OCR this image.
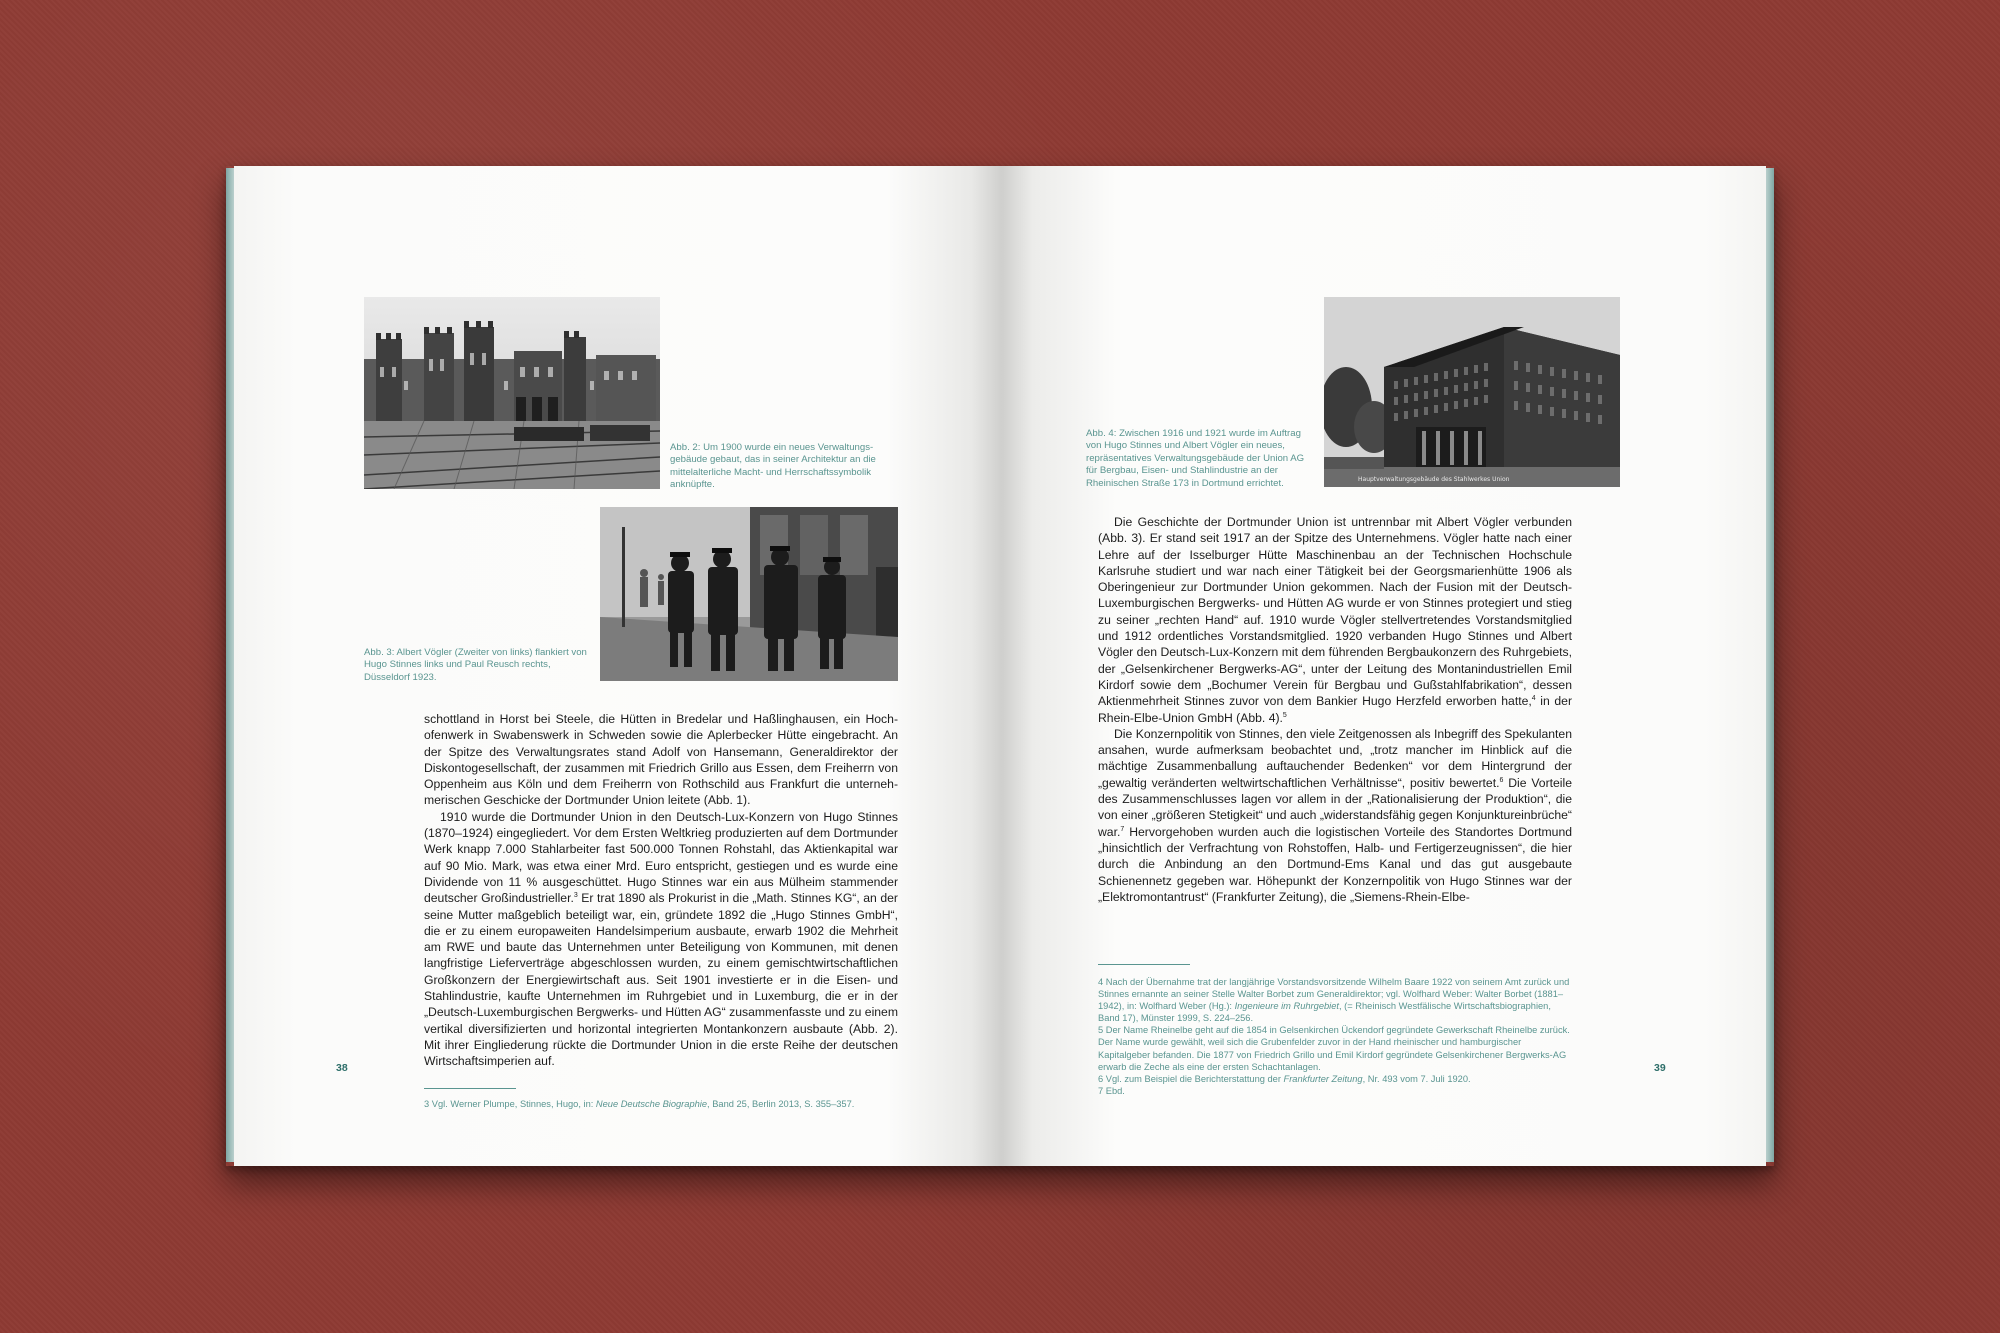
Abb. 2: Um 1900 wurde ein neues Verwaltungsgebäude gebaut, das in seiner Architektur an die mittelalterliche Macht- und Herrschaftssymbolik anknüpfte.
Abb. 3: Albert Vögler (Zweiter von links) flankiert von Hugo Stinnes links und Paul Reusch rechts, Düsseldorf 1923.

schottland in Horst bei Steele, die Hütten in Bredelar und Haßlinghausen, ein Hochofenwerk in Swabenswerk in Schweden sowie die Aplerbecker Hütte eingebracht. An der Spitze des Verwaltungsrates stand Adolf von Hansemann, Generaldirektor der Diskontogesellschaft, der zusammen mit Friedrich Grillo aus Essen, dem Freiherrn von Oppenheim aus Köln und dem Freiherrn von Rothschild aus Frankfurt die unternehmerischen Geschicke der Dortmunder Union leitete (Abb. 1).

1910 wurde die Dortmunder Union in den Deutsch-Lux-Konzern von Hugo Stinnes (1870–1924) eingegliedert. Vor dem Ersten Weltkrieg produzierten auf dem Dortmunder Werk knapp 7.000 Stahlarbeiter fast 500.000 Tonnen Rohstahl, das Aktienkapital war auf 90 Mio. Mark, was etwa einer Mrd. Euro entspricht, gestiegen und es wurde eine Dividende von 11 % ausgeschüttet. Hugo Stinnes war ein aus Mülheim stammender deutscher Großindustrieller.$^3$ Er trat 1890 als Prokurist in die „Math. Stinnes KG“, an der seine Mutter maßgeblich beteiligt war, ein, gründete 1892 die „Hugo Stinnes GmbH“, die er zu einem europaweiten Handelsimperium ausbaute, erwarb 1902 die Mehrheit am RWE und baute das Unternehmen unter Beteiligung von Kommunen, mit denen langfristige Lieferverträge abgeschlossen wurden, zu einem gemischtwirtschaftlichen Großkonzern der Energiewirtschaft aus. Seit 1901 investierte er in die Eisen- und Stahlindustrie, kaufte Unternehmen im Ruhrgebiet und in Luxemburg, die er in der „Deutsch-Luxemburgischen Bergwerks- und Hütten AG“ zusammenfasste und zu einem vertikal diversifizierten und horizontal integrierten Montankonzern ausbaute (Abb. 2). Mit ihrer Eingliederung rückte die Dortmunder Union in die erste Reihe der deutschen Wirtschaftsimperien auf.

38

3 Vgl. Werner Plumpe, Stinnes, Hugo, in: Neue Deutsche Biographie, Band 25, Berlin 2013, S. 355–357.

Abb. 4: Zwischen 1916 und 1921 wurde im Auftrag von Hugo Stinnes und Albert Vögler ein neues, repräsentatives Verwaltungsgebäude der Union AG für Bergbau, Eisen- und Stahlindustrie an der Rheinischen Straße 173 in Dortmund errichtet.	Hauptverwaltungsgebäude des Stahlwerkes Union

Die Geschichte der Dortmunder Union ist untrennbar mit Albert Vögler verbunden (Abb. 3). Er stand seit 1917 an der Spitze des Unternehmens. Vögler hatte nach einer Lehre auf der Isselburger Hütte Maschinenbau an der Technischen Hochschule Karlsruhe studiert und war nach einer Tätigkeit bei der Georgsmarienhütte 1906 als Oberingenieur zur Dortmunder Union gekommen. Nach der Fusion mit der Deutsch-Luxemburgischen Bergwerks- und Hütten AG wurde er von Stinnes protegiert und stieg zu seiner „rechten Hand“ auf. 1910 wurde Vögler stellvertretendes Vorstandsmitglied und 1912 ordentliches Vorstandsmitglied. 1920 verbanden Hugo Stinnes und Albert Vögler den Deutsch-Lux-Konzern mit dem führenden Bergbaukonzern des Ruhrgebiets, der „Gelsenkirchener Bergwerks-AG“, unter der Leitung des Montanindustriellen Emil Kirdorf sowie dem „Bochumer Verein für Bergbau und Gußstahlfabrikation“, dessen Aktienmehrheit Stinnes zuvor von dem Bankier Hugo Herzfeld erworben hatte,$^4$ in der Rhein-Elbe-Union GmbH (Abb. 4).$^5$

Die Konzernpolitik von Stinnes, den viele Zeitgenossen als Inbegriff des Spekulanten ansahen, wurde aufmerksam beobachtet und, „trotz mancher im Hinblick auf die mächtige Zusammenballung auftauchender Bedenken“ vor dem Hintergrund der „gewaltig veränderten weltwirtschaftlichen Verhältnisse“, positiv bewertet.$^6$ Die Vorteile des Zusammenschlusses lagen vor allem in der „Rationalisierung der Produktion“, die von einer „größeren Stetigkeit“ und auch „widerstandsfähig gegen Konjunktureinbrüche“ war.$^7$ Hervorgehoben wurden auch die logistischen Vorteile des Standortes Dortmund „hinsichtlich der Verfrachtung von Rohstoffen, Halb- und Fertigerzeugnissen“, die hier durch die Anbindung an den Dortmund-Ems Kanal und das gut ausgebaute Schienennetz gegeben war. Höhepunkt der Konzernpolitik von Hugo Stinnes war der „Elektromontantrust“ (Frankfurter Zeitung), die „Siemens-Rhein-Elbe-

4 Nach der Übernahme trat der langjährige Vorstandsvorsitzende Wilhelm Baare 1922 von seinem Amt zurück und Stinnes ernannte an seiner Stelle Walter Borbet zum Generaldirektor; vgl. Wolfhard Weber: Walter Borbet (1881–1942), in: Wolfhard Weber (Hg.): Ingenieure im Ruhrgebiet, (= Rheinisch Westfälische Wirtschaftsbiographien, Band 17), Münster 1999, S. 224–256.

5 Der Name Rheinelbe geht auf die 1854 in Gelsenkirchen Ückendorf gegründete Gewerkschaft Rheinelbe zurück. Der Name wurde gewählt, weil sich die Grubenfelder zuvor in der Hand rheinischer und hamburgischer Kapitalgeber befanden. Die 1877 von Friedrich Grillo und Emil Kirdorf gegründete Gelsenkirchener Bergwerks-AG erwarb die Zeche als eine der ersten Schachtanlagen.

6 Vgl. zum Beispiel die Berichterstattung der Frankfurter Zeitung, Nr. 493 vom 7. Juli 1920.

7 Ebd.

39
